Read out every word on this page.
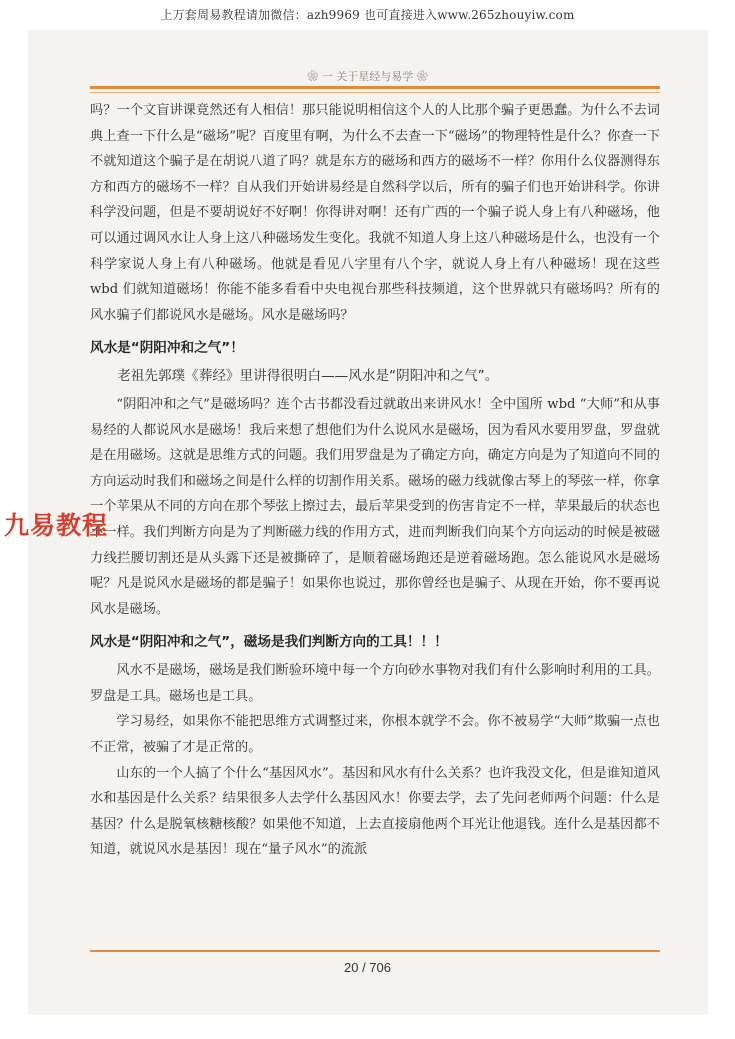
上万套周易教程请加微信：azh9969 也可直接进入www.265zhouyiw.com
❀ 一 关于星经与易学 ❀

吗？一个文盲讲课竟然还有人相信！那只能说明相信这个人的人比那个骗子更愚蠢。为什么不去词典上查一下什么是“磁场”呢？百度里有啊，为什么不去查一下“磁场”的物理特性是什么？你查一下不就知道这个骗子是在胡说八道了吗？就是东方的磁场和西方的磁场不一样？你用什么仪器测得东方和西方的磁场不一样？自从我们开始讲易经是自然科学以后，所有的骗子们也开始讲科学。你讲科学没问题，但是不要胡说好不好啊！你得讲对啊！还有广西的一个骗子说人身上有八种磁场，他可以通过调风水让人身上这八种磁场发生变化。我就不知道人身上这八种磁场是什么，也没有一个科学家说人身上有八种磁场。他就是看见八字里有八个字，就说人身上有八种磁场！现在这些 wbd 们就知道磁场！你能不能多看看中央电视台那些科技频道，这个世界就只有磁场吗？所有的风水骗子们都说风水是磁场。风水是磁场吗？

风水是“阴阳冲和之气”！

老祖先郭璞《葬经》里讲得很明白——风水是“阴阳冲和之气”。

“阴阳冲和之气”是磁场吗？连个古书都没看过就敢出来讲风水！全中国所 wbd “大师”和从事易经的人都说风水是磁场！我后来想了想他们为什么说风水是磁场，因为看风水要用罗盘，罗盘就是在用磁场。这就是思维方式的问题。我们用罗盘是为了确定方向，确定方向是为了知道向不同的方向运动时我们和磁场之间是什么样的切割作用关系。磁场的磁力线就像古琴上的琴弦一样，你拿一个苹果从不同的方向在那个琴弦上擦过去，最后苹果受到的伤害肯定不一样，苹果最后的状态也不一样。我们判断方向是为了判断磁力线的作用方式，进而判断我们向某个方向运动的时候是被磁力线拦腰切割还是从头露下还是被撕碎了，是顺着磁场跑还是逆着磁场跑。怎么能说风水是磁场呢？凡是说风水是磁场的都是骗子！如果你也说过，那你曾经也是骗子、从现在开始，你不要再说风水是磁场。

风水是“阴阳冲和之气”，磁场是我们判断方向的工具！！！

风水不是磁场，磁场是我们断验环境中每一个方向砂水事物对我们有什么影响时利用的工具。罗盘是工具。磁场也是工具。

学习易经，如果你不能把思维方式调整过来，你根本就学不会。你不被易学“大师”欺骗一点也不正常，被骗了才是正常的。

山东的一个人搞了个什么“基因风水”。基因和风水有什么关系？也许我没文化，但是谁知道风水和基因是什么关系？结果很多人去学什么基因风水！你要去学，去了先问老师两个问题：什么是基因？什么是脱氧核糖核酸？如果他不知道，上去直接扇他两个耳光让他退钱。连什么是基因都不知道，就说风水是基因！现在“量子风水”的流派

九易教程
20 / 706
